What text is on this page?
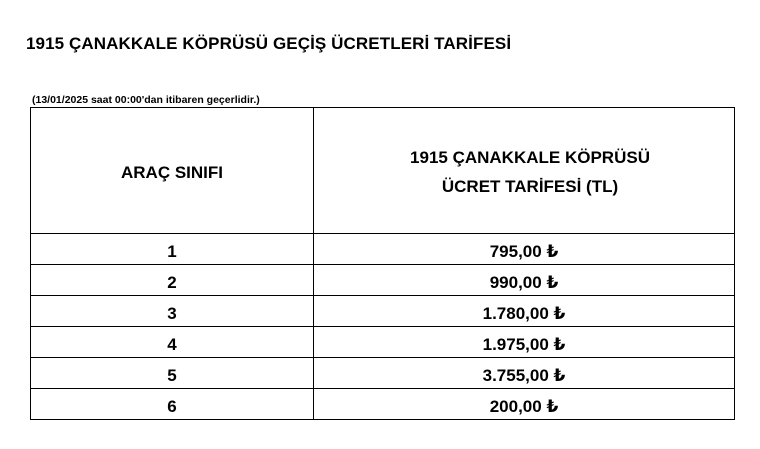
1915 ÇANAKKALE KÖPRÜSÜ GEÇİŞ ÜCRETLERİ TARİFESİ
(13/01/2025 saat 00:00'dan itibaren geçerlidir.)
ARAÇ SINIFI	1915 ÇANAKKALE KÖPRÜSÜ
ÜCRET TARİFESİ (TL)

1	795,00 ₺
2	990,00 ₺
3	1.780,00 ₺
4	1.975,00 ₺
5	3.755,00 ₺
6	200,00 ₺
